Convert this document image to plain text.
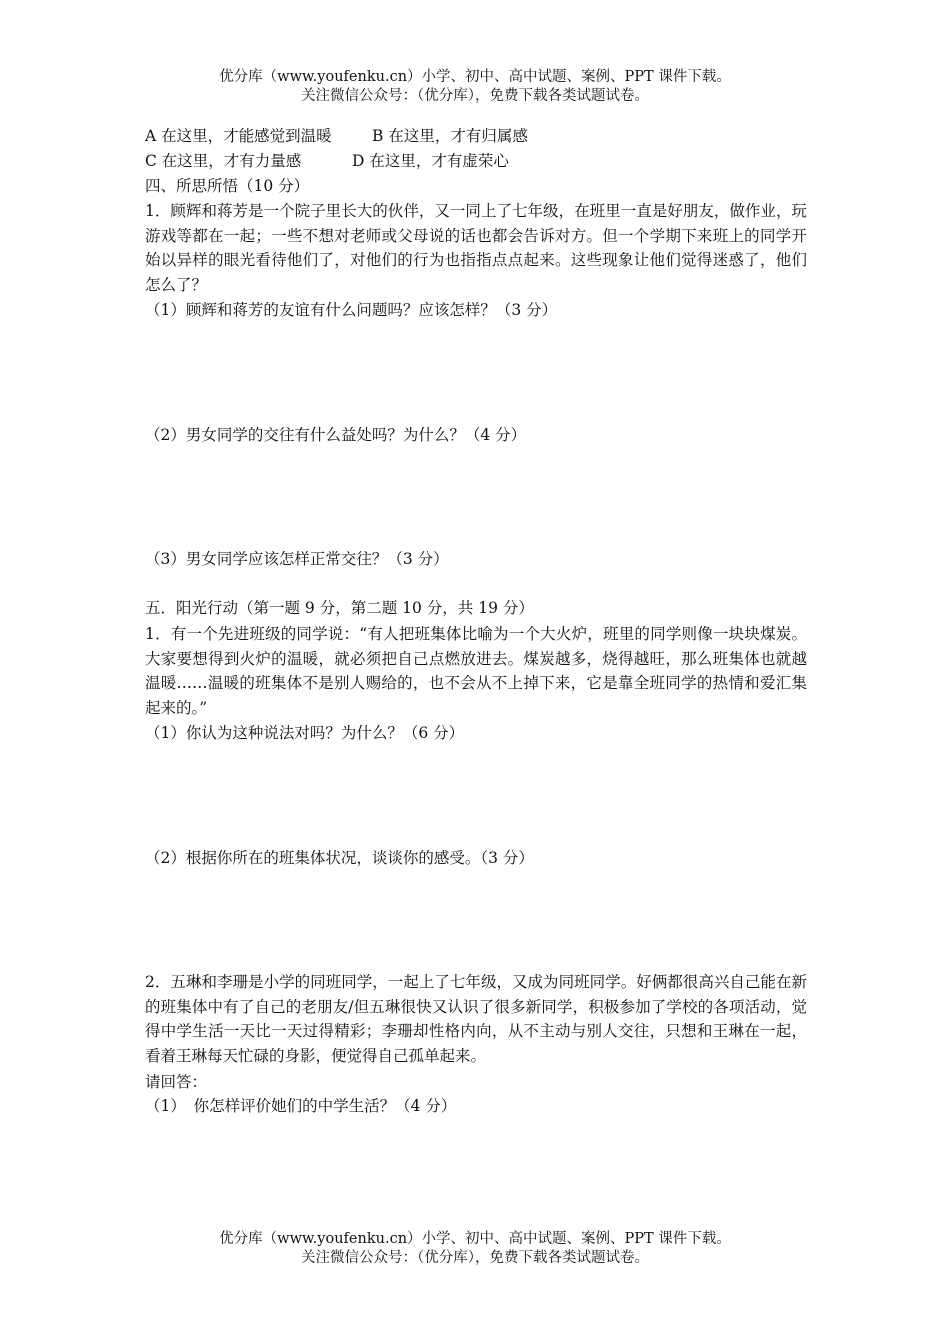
优分库（www.youfenku.cn）小学、初中、高中试题、案例、PPT 课件下载。
关注微信公众号：（优分库），免费下载各类试题试卷。
A 在这里，才能感觉到温暖	B 在这里，才有归属感
C 在这里，才有力量感	D 在这里，才有虚荣心
四、所思所悟（10 分）
1．顾辉和蒋芳是一个院子里长大的伙伴，又一同上了七年级，在班里一直是好朋友，做作业，玩游戏等都在一起；一些不想对老师或父母说的话也都会告诉对方。但一个学期下来班上的同学开始以异样的眼光看待他们了，对他们的行为也指指点点起来。这些现象让他们觉得迷惑了，他们怎么了？
（1）顾辉和蒋芳的友谊有什么问题吗？应该怎样？（3 分）
（2）男女同学的交往有什么益处吗？为什么？（4 分）
（3）男女同学应该怎样正常交往？（3 分）
五．阳光行动（第一题 9 分，第二题 10 分，共 19 分）
1．有一个先进班级的同学说：“有人把班集体比喻为一个大火炉，班里的同学则像一块块煤炭。大家要想得到火炉的温暖，就必须把自己点燃放进去。煤炭越多，烧得越旺，那么班集体也就越温暖……温暖的班集体不是别人赐给的，也不会从不上掉下来，它是靠全班同学的热情和爱汇集起来的。”
（1）你认为这种说法对吗？为什么？（6 分）
（2）根据你所在的班集体状况，谈谈你的感受。（3 分）
2．五琳和李珊是小学的同班同学，一起上了七年级，又成为同班同学。好俩都很高兴自己能在新的班集体中有了自己的老朋友/但五琳很快又认识了很多新同学，积极参加了学校的各项活动，觉得中学生活一天比一天过得精彩；李珊却性格内向，从不主动与别人交往，只想和王琳在一起，看着王琳每天忙碌的身影，便觉得自己孤单起来。
请回答：
（1）　你怎样评价她们的中学生活？（4 分）
优分库（www.youfenku.cn）小学、初中、高中试题、案例、PPT 课件下载。
关注微信公众号：（优分库），免费下载各类试题试卷。
